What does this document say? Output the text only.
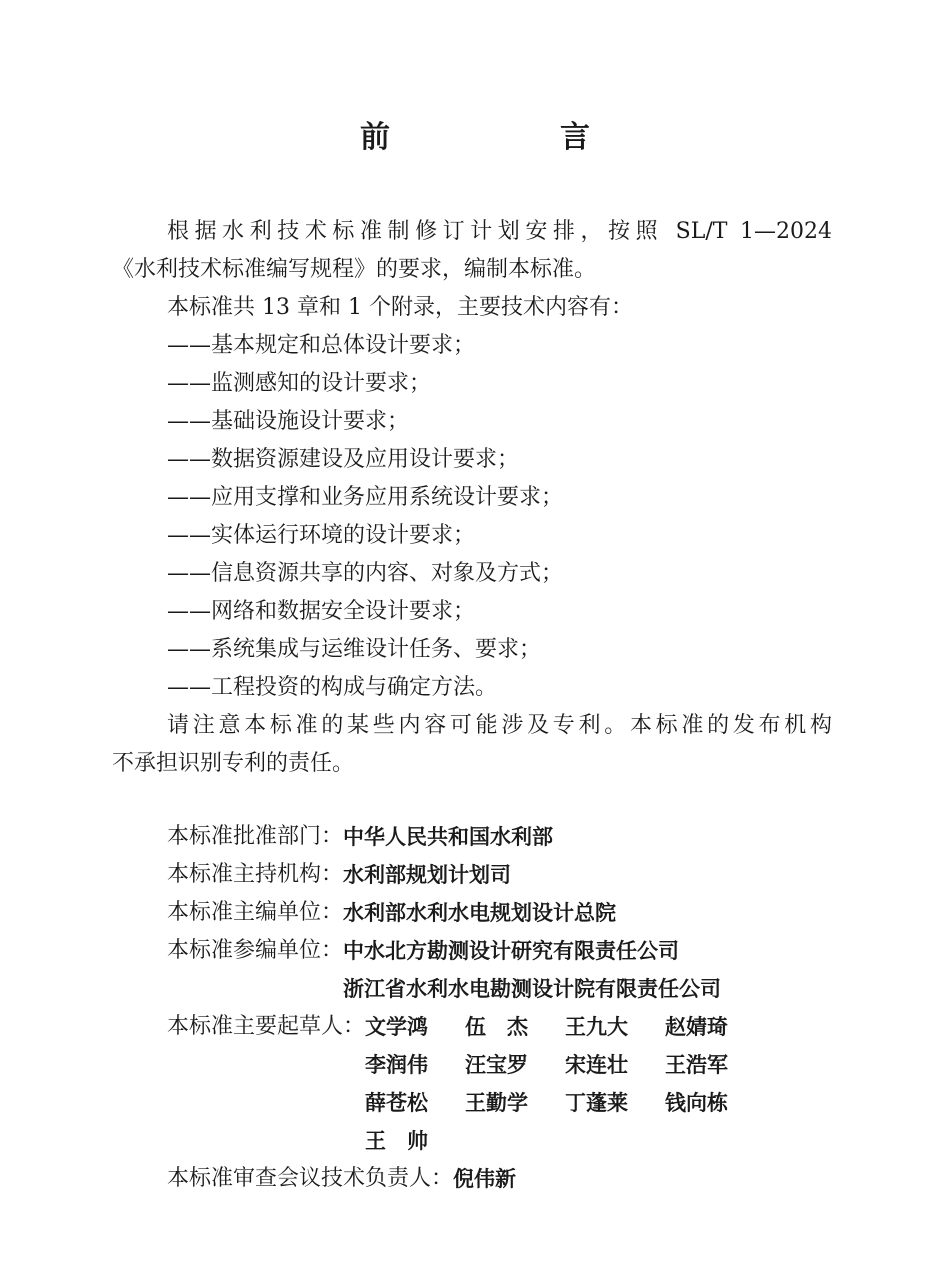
前　言
根据水利技术标准制修订计划安排，按照 SL/T 1—2024
《水利技术标准编写规程》的要求，编制本标准。
本标准共 13 章和 1 个附录，主要技术内容有：
——基本规定和总体设计要求；
——监测感知的设计要求；
——基础设施设计要求；
——数据资源建设及应用设计要求；
——应用支撑和业务应用系统设计要求；
——实体运行环境的设计要求；
——信息资源共享的内容、对象及方式；
——网络和数据安全设计要求；
——系统集成与运维设计任务、要求；
——工程投资的构成与确定方法。
请注意本标准的某些内容可能涉及专利。本标准的发布机构
不承担识别专利的责任。
本标准批准部门： 中华人民共和国水利部
本标准主持机构： 水利部规划计划司
本标准主编单位： 水利部水利水电规划设计总院
本标准参编单位： 中水北方勘测设计研究有限责任公司
浙江省水利水电勘测设计院有限责任公司
本标准主要起草人： 文学鸿	伍　杰	王九大	赵婧琦
李润伟	汪宝罗	宋连壮	王浩军
薛苍松	王勤学	丁蓬莱	钱向栋
王　帅
本标准审查会议技术负责人： 倪伟新
